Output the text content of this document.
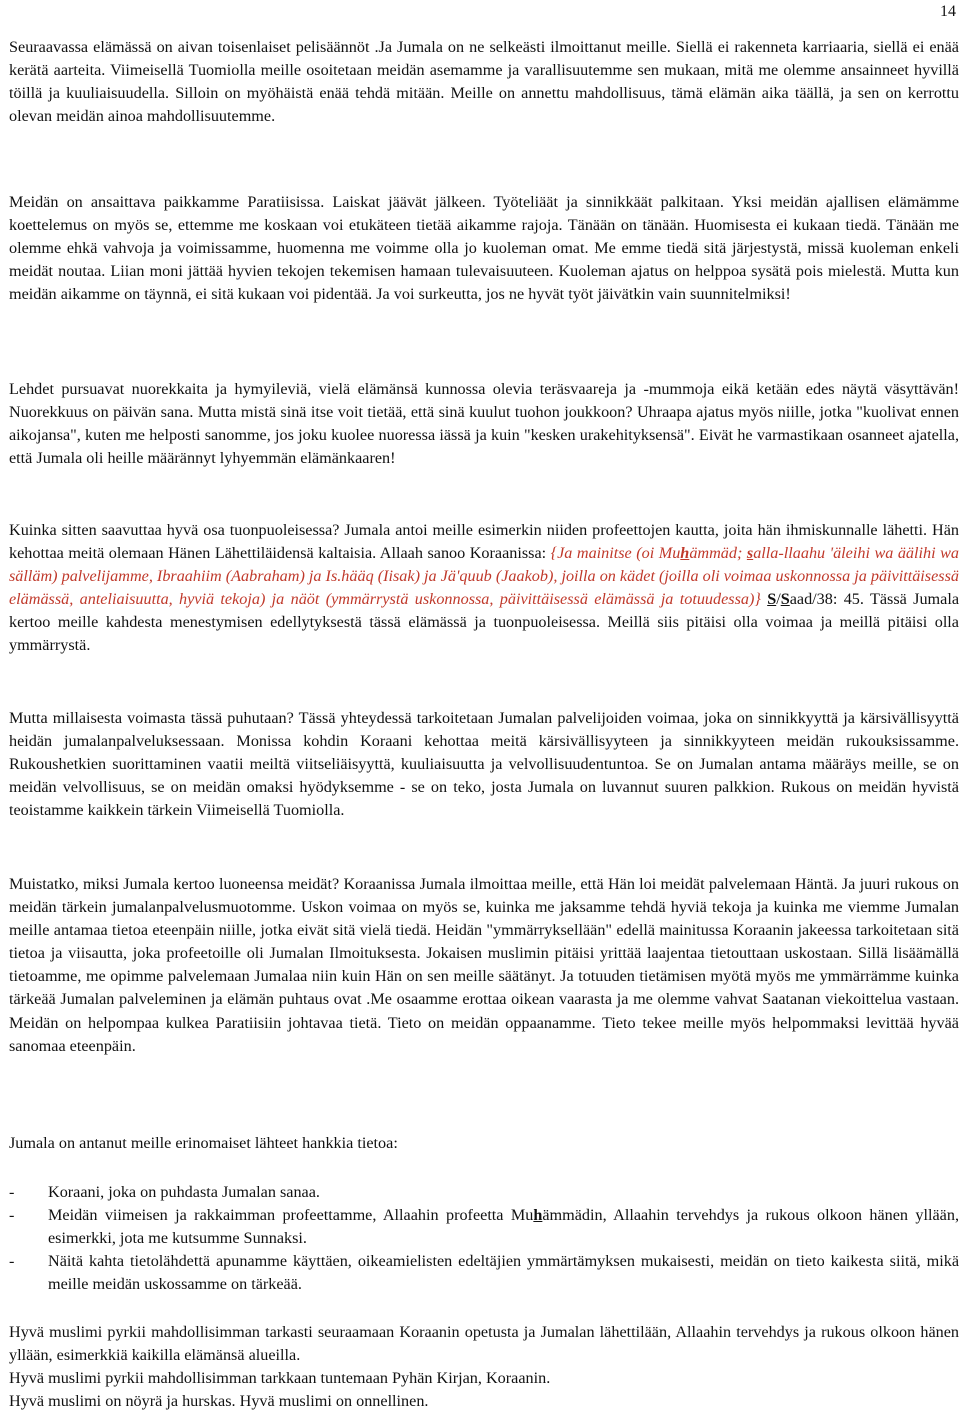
14

Seuraavassa elämässä on aivan toisenlaiset pelisäännöt .Ja Jumala on ne selkeästi ilmoittanut meille. Siellä ei rakenneta karriaaria, siellä ei enää kerätä aarteita. Viimeisellä Tuomiolla meille osoitetaan meidän asemamme ja varallisuutemme sen mukaan, mitä me olemme ansainneet hyvillä töillä ja kuuliaisuudella. Silloin on myöhäistä enää tehdä mitään. Meille on annettu mahdollisuus, tämä elämän aika täällä, ja sen on kerrottu olevan meidän ainoa mahdollisuutemme.

Meidän on ansaittava paikkamme Paratiisissa. Laiskat jäävät jälkeen. Työteliäät ja sinnikkäät palkitaan. Yksi meidän ajallisen elämämme koettelemus on myös se, ettemme me koskaan voi etukäteen tietää aikamme rajoja. Tänään on tänään. Huomisesta ei kukaan tiedä. Tänään me olemme ehkä vahvoja ja voimissamme, huomenna me voimme olla jo kuoleman omat. Me emme tiedä sitä järjestystä, missä kuoleman enkeli meidät noutaa. Liian moni jättää hyvien tekojen tekemisen hamaan tulevaisuuteen. Kuoleman ajatus on helppoa sysätä pois mielestä. Mutta kun meidän aikamme on täynnä, ei sitä kukaan voi pidentää. Ja voi surkeutta, jos ne hyvät työt jäivätkin vain suunnitelmiksi!

Lehdet pursuavat nuorekkaita ja hymyileviä, vielä elämänsä kunnossa olevia teräsvaareja ja -mummoja eikä ketään edes näytä väsyttävän! Nuorekkuus on päivän sana. Mutta mistä sinä itse voit tietää, että sinä kuulut tuohon joukkoon? Uhraapa ajatus myös niille, jotka "kuolivat ennen aikojansa", kuten me helposti sanomme, jos joku kuolee nuoressa iässä ja kuin "kesken urakehityksensä". Eivät he varmastikaan osanneet ajatella, että Jumala oli heille määrännyt lyhyemmän elämänkaaren!

Kuinka sitten saavuttaa hyvä osa tuonpuoleisessa? Jumala antoi meille esimerkin niiden profeettojen kautta, joita hän ihmiskunnalle lähetti. Hän kehottaa meitä olemaan Hänen Lähettiläidensä kaltaisia. Allaah sanoo Koraanissa: {Ja mainitse (oi Muhämmäd; salla-llaahu 'äleihi wa äälihi wa sälläm) palvelijamme, Ibraahiim (Aabraham) ja Is.hääq (Iisak) ja Jä'quub (Jaakob), joilla on kädet (joilla oli voimaa uskonnossa ja päivittäisessä elämässä, anteliaisuutta, hyviä tekoja) ja näöt (ymmärrystä uskonnossa, päivittäisessä elämässä ja totuudessa)} S/Saad/38: 45. Tässä Jumala kertoo meille kahdesta menestymisen edellytyksestä tässä elämässä ja tuonpuoleisessa. Meillä siis pitäisi olla voimaa ja meillä pitäisi olla ymmärrystä.

Mutta millaisesta voimasta tässä puhutaan? Tässä yhteydessä tarkoitetaan Jumalan palvelijoiden voimaa, joka on sinnikkyyttä ja kärsivällisyyttä heidän jumalanpalveluksessaan. Monissa kohdin Koraani kehottaa meitä kärsivällisyyteen ja sinnikkyyteen meidän rukouksissamme. Rukoushetkien suorittaminen vaatii meiltä viitseliäisyyttä, kuuliaisuutta ja velvollisuudentuntoa. Se on Jumalan antama määräys meille, se on meidän velvollisuus, se on meidän omaksi hyödyksemme - se on teko, josta Jumala on luvannut suuren palkkion. Rukous on meidän hyvistä teoistamme kaikkein tärkein Viimeisellä Tuomiolla.

Muistatko, miksi Jumala kertoo luoneensa meidät? Koraanissa Jumala ilmoittaa meille, että Hän loi meidät palvelemaan Häntä. Ja juuri rukous on meidän tärkein jumalanpalvelusmuotomme. Uskon voimaa on myös se, kuinka me jaksamme tehdä hyviä tekoja ja kuinka me viemme Jumalan meille antamaa tietoa eteenpäin niille, jotka eivät sitä vielä tiedä. Heidän "ymmärryksellään" edellä mainitussa Koraanin jakeessa tarkoitetaan sitä tietoa ja viisautta, joka profeetoille oli Jumalan Ilmoituksesta. Jokaisen muslimin pitäisi yrittää laajentaa tietouttaan uskostaan. Sillä lisäämällä tietoamme, me opimme palvelemaan Jumalaa niin kuin Hän on sen meille säätänyt. Ja totuuden tietämisen myötä myös me ymmärrämme kuinka tärkeää Jumalan palveleminen ja elämän puhtaus ovat .Me osaamme erottaa oikean vaarasta ja me olemme vahvat Saatanan viekoittelua vastaan. Meidän on helpompaa kulkea Paratiisiin johtavaa tietä. Tieto on meidän oppaanamme. Tieto tekee meille myös helpommaksi levittää hyvää sanomaa eteenpäin.

Jumala on antanut meille erinomaiset lähteet hankkia tietoa:

- Koraani, joka on puhdasta Jumalan sanaa.
- Meidän viimeisen ja rakkaimman profeettamme, Allaahin profeetta Muhämmädin, Allaahin tervehdys ja rukous olkoon hänen yllään, esimerkki, jota me kutsumme Sunnaksi.
- Näitä kahta tietolähdettä apunamme käyttäen, oikeamielisten edeltäjien ymmärtämyksen mukaisesti, meidän on tieto kaikesta siitä, mikä meille meidän uskossamme on tärkeää.

Hyvä muslimi pyrkii mahdollisimman tarkasti seuraamaan Koraanin opetusta ja Jumalan lähettilään, Allaahin tervehdys ja rukous olkoon hänen yllään, esimerkkiä kaikilla elämänsä alueilla.

Hyvä muslimi pyrkii mahdollisimman tarkkaan tuntemaan Pyhän Kirjan, Koraanin.

Hyvä muslimi on nöyrä ja hurskas. Hyvä muslimi on onnellinen.
